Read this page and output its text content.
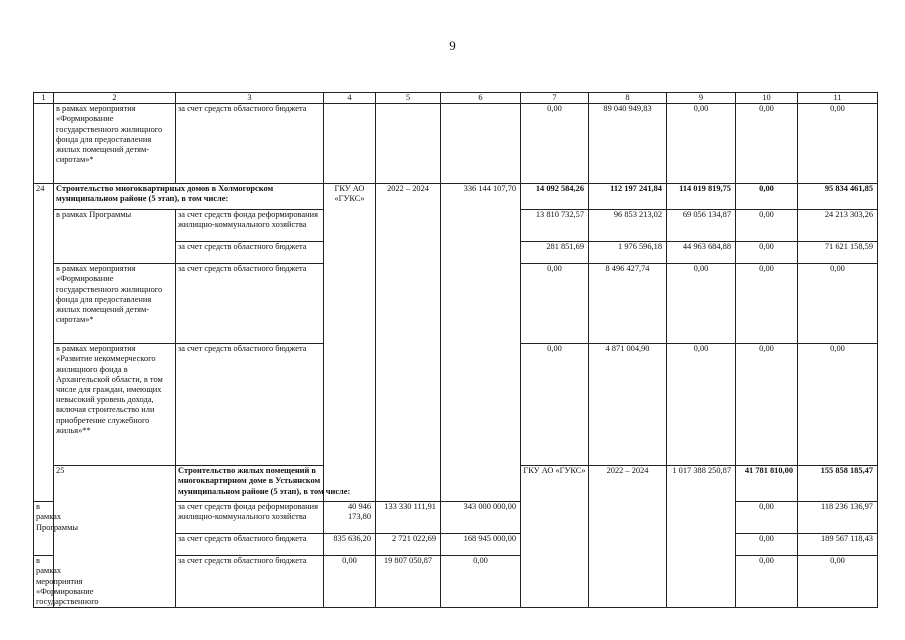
9
1	2	3	4	5	6	7	8	9	10	11	
	в рамках мероприятия «Формирование государственного жилищного фонда для предоставления жилых помещений детям-сиротам»*	за счет средств областного бюджета				0,00	89 040 949,83	0,00	0,00	0,00	
24	Строительство многоквартирных домов в Холмогорском муниципальном районе (5 этап), в том числе:		ГКУ АО «ГУКС»	2022 – 2024	336 144 107,70	14 092 584,26	112 197 241,84	114 019 819,75	0,00	95 834 461,85	
	в рамках Программы	за счет средств фонда реформирования жилищно-коммунального хозяйства				13 810 732,57	96 853 213,02	69 056 134,87	0,00	24 213 303,26	
		за счет средств областного бюджета				281 851,69	1 976 596,18	44 963 684,88	0,00	71 621 158,59	
	в рамках мероприятия «Формирование государственного жилищного фонда для предоставления жилых помещений детям-сиротам»*	за счет средств областного бюджета				0,00	8 496 427,74	0,00	0,00	0,00	
	в рамках мероприятия «Развитие некоммерческого жилищного фонда в Архангельской области, в том числе для граждан, имеющих невысокий уровень дохода, включая строительство или приобретение служебного жилья»**	за счет средств областного бюджета				0,00	4 871 004,90	0,00	0,00	0,00	
	25	Строительство жилых помещений в многоквартирном доме в Устьянском муниципальном районе (5 этап), в том числе:				ГКУ АО «ГУКС»	2022 – 2024	1 017 388 250,87	41 781 810,00	155 858 185,47			
в рамках Программы		за счет средств фонда реформирования жилищно-коммунального хозяйства	40 946 173,80	133 330 111,91	343 000 000,00				0,00	118 236 136,97	
		за счет средств областного бюджета	835 636,20	2 721 022,69	168 945 000,00				0,00	189 567 118,43	
в рамках мероприятия «Формирование государственного		за счет средств областного бюджета	0,00	19 807 050,87	0,00				0,00	0,00	
